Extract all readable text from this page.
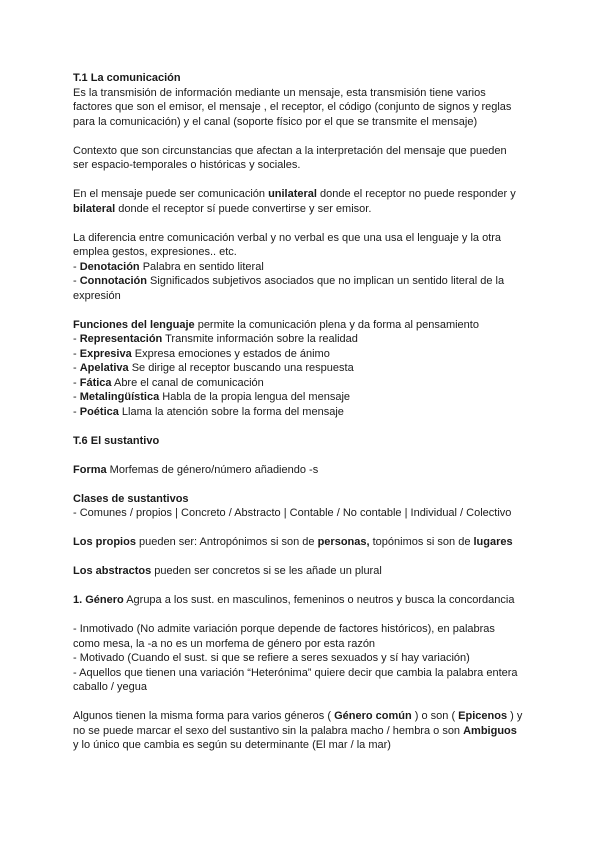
T.1 La comunicación
Es la transmisión de información mediante un mensaje, esta transmisión tiene varios
factores que son el emisor, el mensaje , el receptor, el código (conjunto de signos y reglas
para la comunicación) y el canal (soporte físico por el que se transmite el mensaje)
Contexto que son circunstancias que afectan a la interpretación del mensaje que pueden
ser espacio-temporales o históricas y sociales.
En el mensaje puede ser comunicación unilateral donde el receptor no puede responder y
bilateral donde el receptor sí puede convertirse y ser emisor.
La diferencia entre comunicación verbal y no verbal es que una usa el lenguaje y la otra
emplea gestos, expresiones.. etc.
- Denotación Palabra en sentido literal
- Connotación Significados subjetivos asociados que no implican un sentido literal de la
expresión
Funciones del lenguaje permite la comunicación plena y da forma al pensamiento
- Representación Transmite información sobre la realidad
- Expresiva Expresa emociones y estados de ánimo
- Apelativa Se dirige al receptor buscando una respuesta
- Fática Abre el canal de comunicación
- Metalingüística Habla de la propia lengua del mensaje
- Poética Llama la atención sobre la forma del mensaje
T.6 El sustantivo
Forma Morfemas de género/número añadiendo -s
Clases de sustantivos
- Comunes / propios | Concreto / Abstracto | Contable / No contable | Individual / Colectivo
Los propios pueden ser: Antropónimos si son de personas, topónimos si son de lugares
Los abstractos pueden ser concretos si se les añade un plural
1. Género Agrupa a los sust. en masculinos, femeninos o neutros y busca la concordancia
- Inmotivado (No admite variación porque depende de factores históricos), en palabras
como mesa, la -a no es un morfema de género por esta razón
- Motivado (Cuando el sust. si que se refiere a seres sexuados y sí hay variación)
- Aquellos que tienen una variación “Heterónima” quiere decir que cambia la palabra entera
caballo / yegua
Algunos tienen la misma forma para varios géneros ( Género común ) o son ( Epicenos ) y
no se puede marcar el sexo del sustantivo sin la palabra macho / hembra o son Ambiguos
y lo único que cambia es según su determinante (El mar / la mar)
